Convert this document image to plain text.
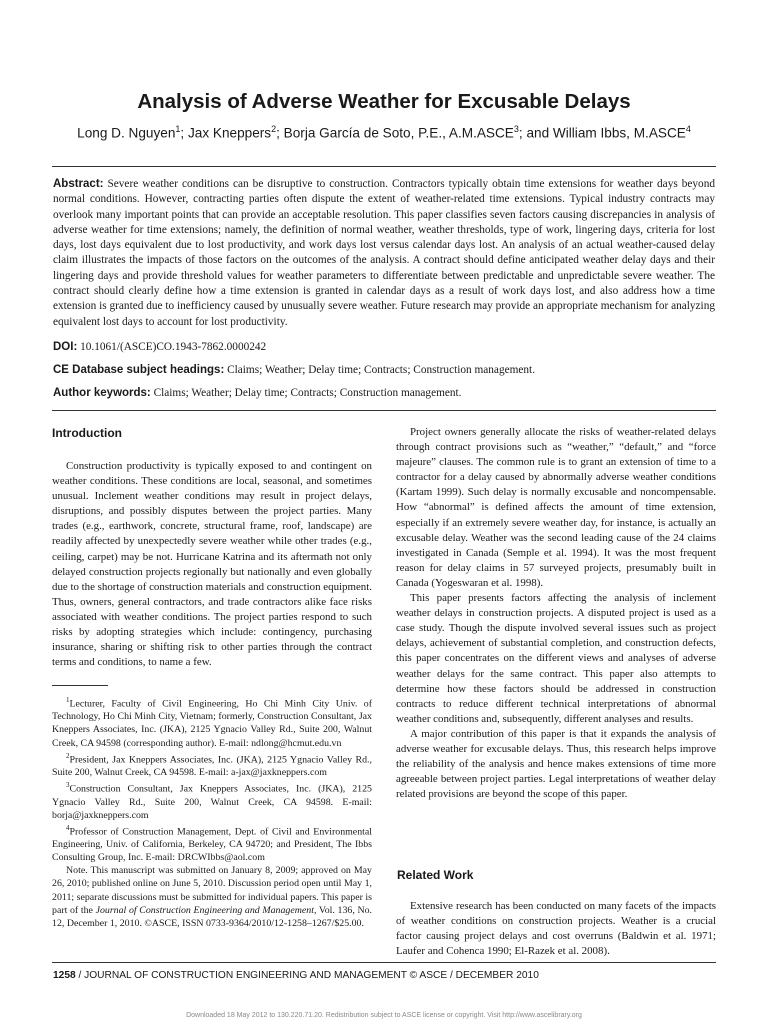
Analysis of Adverse Weather for Excusable Delays
Long D. Nguyen$^1$; Jax Kneppers$^2$; Borja García de Soto, P.E., A.M.ASCE$^3$; and William Ibbs, M.ASCE$^4$
Abstract: Severe weather conditions can be disruptive to construction. Contractors typically obtain time extensions for weather days beyond normal conditions. However, contracting parties often dispute the extent of weather-related time extensions. Typical industry contracts may overlook many important points that can provide an acceptable resolution. This paper classifies seven factors causing discrepancies in analysis of adverse weather for time extensions; namely, the definition of normal weather, weather thresholds, type of work, lingering days, criteria for lost days, lost days equivalent due to lost productivity, and work days lost versus calendar days lost. An analysis of an actual weather-caused delay claim illustrates the impacts of those factors on the outcomes of the analysis. A contract should define anticipated weather delay days and their lingering days and provide threshold values for weather parameters to differentiate between predictable and unpredictable severe weather. The contract should clearly define how a time extension is granted in calendar days as a result of work days lost, and also address how a time extension is granted due to inefficiency caused by unusually severe weather. Future research may provide an appropriate mechanism for analyzing equivalent lost days to account for lost productivity.
DOI: 10.1061/(ASCE)CO.1943-7862.0000242
CE Database subject headings: Claims; Weather; Delay time; Contracts; Construction management.
Author keywords: Claims; Weather; Delay time; Contracts; Construction management.
Introduction

Construction productivity is typically exposed to and contingent on weather conditions. These conditions are local, seasonal, and sometimes unusual. Inclement weather conditions may result in project delays, disruptions, and possibly disputes between the project parties. Many trades (e.g., earthwork, concrete, structural frame, roof, landscape) are readily affected by unexpectedly severe weather while other trades (e.g., ceiling, carpet) may be not. Hurricane Katrina and its aftermath not only delayed construction projects regionally but nationally and even globally due to the shortage of construction materials and construction equipment. Thus, owners, general contractors, and trade contractors alike face risks associated with weather conditions. The project parties respond to such risks by adopting strategies which include: contingency, purchasing insurance, sharing or shifting risk to other parties through the contract terms and conditions, to name a few.

$^1$Lecturer, Faculty of Civil Engineering, Ho Chi Minh City Univ. of Technology, Ho Chi Minh City, Vietnam; formerly, Construction Consultant, Jax Kneppers Associates, Inc. (JKA), 2125 Ygnacio Valley Rd., Suite 200, Walnut Creek, CA 94598 (corresponding author). E-mail: ndlong@hcmut.edu.vn

$^2$President, Jax Kneppers Associates, Inc. (JKA), 2125 Ygnacio Valley Rd., Suite 200, Walnut Creek, CA 94598. E-mail: a-jax@jaxkneppers.com

$^3$Construction Consultant, Jax Kneppers Associates, Inc. (JKA), 2125 Ygnacio Valley Rd., Suite 200, Walnut Creek, CA 94598. E-mail: borja@jaxkneppers.com

$^4$Professor of Construction Management, Dept. of Civil and Environmental Engineering, Univ. of California, Berkeley, CA 94720; and President, The Ibbs Consulting Group, Inc. E-mail: DRCWIbbs@aol.com

Note. This manuscript was submitted on January 8, 2009; approved on May 26, 2010; published online on June 5, 2010. Discussion period open until May 1, 2011; separate discussions must be submitted for individual papers. This paper is part of the Journal of Construction Engineering and Management, Vol. 136, No. 12, December 1, 2010. ©ASCE, ISSN 0733-9364/2010/12-1258–1267/$25.00.

Project owners generally allocate the risks of weather-related delays through contract provisions such as “weather,” “default,” and “force majeure” clauses. The common rule is to grant an extension of time to a contractor for a delay caused by abnormally adverse weather conditions (Kartam 1999). Such delay is normally excusable and noncompensable. How “abnormal” is defined affects the amount of time extension, especially if an extremely severe weather day, for instance, is actually an excusable delay. Weather was the second leading cause of the 24 claims investigated in Canada (Semple et al. 1994). It was the most frequent reason for delay claims in 57 surveyed projects, presumably built in Canada (Yogeswaran et al. 1998).

This paper presents factors affecting the analysis of inclement weather delays in construction projects. A disputed project is used as a case study. Though the dispute involved several issues such as project delays, achievement of substantial completion, and construction defects, this paper concentrates on the different views and analyses of adverse weather delays for the same contract. This paper also attempts to determine how these factors should be addressed in construction contracts to reduce different technical interpretations of abnormal weather conditions and, subsequently, different analyses and results.

A major contribution of this paper is that it expands the analysis of adverse weather for excusable delays. Thus, this research helps improve the reliability of the analysis and hence makes extensions of time more agreeable between project parties. Legal interpretations of weather delay related provisions are beyond the scope of this paper.

Related Work

Extensive research has been conducted on many facets of the impacts of weather conditions on construction projects. Weather is a crucial factor causing project delays and cost overruns (Baldwin et al. 1971; Laufer and Cohenca 1990; El-Razek et al. 2008).

1258 / JOURNAL OF CONSTRUCTION ENGINEERING AND MANAGEMENT © ASCE / DECEMBER 2010
Downloaded 18 May 2012 to 130.220.71.20. Redistribution subject to ASCE license or copyright. Visit http://www.ascelibrary.org
